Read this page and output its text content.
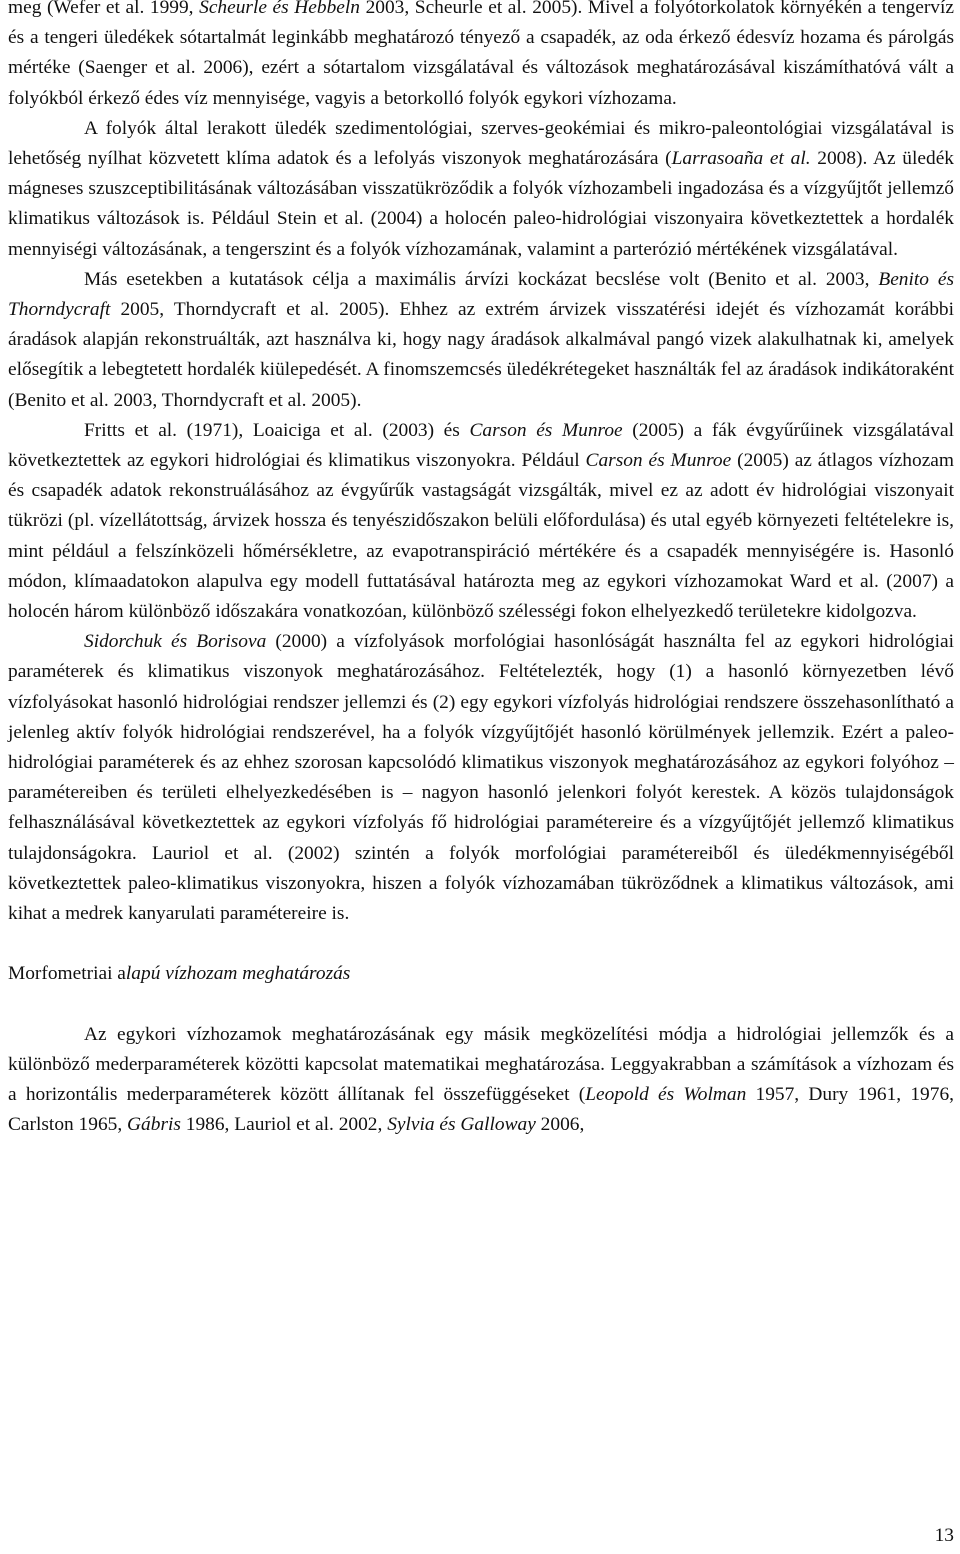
meg (Wefer et al. 1999, Scheurle és Hebbeln 2003, Scheurle et al. 2005). Mivel a folyótorkolatok környékén a tengervíz és a tengeri üledékek sótartalmát leginkább meghatározó tényező a csapadék, az oda érkező édesvíz hozama és párolgás mértéke (Saenger et al. 2006), ezért a sótartalom vizsgálatával és változások meghatározásával kiszámíthatóvá vált a folyókból érkező édes víz mennyisége, vagyis a betorkolló folyók egykori vízhozama.

A folyók által lerakott üledék szedimentológiai, szerves-geokémiai és mikro-paleontológiai vizsgálatával is lehetőség nyílhat közvetett klíma adatok és a lefolyás viszonyok meghatározására (Larrasoaña et al. 2008). Az üledék mágneses szuszceptibilitásának változásában visszatükröződik a folyók vízhozambeli ingadozása és a vízgyűjtőt jellemző klimatikus változások is. Például Stein et al. (2004) a holocén paleo-hidrológiai viszonyaira következtettek a hordalék mennyiségi változásának, a tengerszint és a folyók vízhozamának, valamint a parterózió mértékének vizsgálatával.

Más esetekben a kutatások célja a maximális árvízi kockázat becslése volt (Benito et al. 2003, Benito és Thorndycraft 2005, Thorndycraft et al. 2005). Ehhez az extrém árvizek visszatérési idejét és vízhozamát korábbi áradások alapján rekonstruálták, azt használva ki, hogy nagy áradások alkalmával pangó vizek alakulhatnak ki, amelyek elősegítik a lebegtetett hordalék kiülepedését. A finomszemcsés üledékrétegeket használták fel az áradások indikátoraként (Benito et al. 2003, Thorndycraft et al. 2005).

Fritts et al. (1971), Loaiciga et al. (2003) és Carson és Munroe (2005) a fák évgyűrűinek vizsgálatával következtettek az egykori hidrológiai és klimatikus viszonyokra. Például Carson és Munroe (2005) az átlagos vízhozam és csapadék adatok rekonstruálásához az évgyűrűk vastagságát vizsgálták, mivel ez az adott év hidrológiai viszonyait tükrözi (pl. vízellátottság, árvizek hossza és tenyészidőszakon belüli előfordulása) és utal egyéb környezeti feltételekre is, mint például a felszínközeli hőmérsékletre, az evapotranspiráció mértékére és a csapadék mennyiségére is. Hasonló módon, klímaadatokon alapulva egy modell futtatásával határozta meg az egykori vízhozamokat Ward et al. (2007) a holocén három különböző időszakára vonatkozóan, különböző szélességi fokon elhelyezkedő területekre kidolgozva.

Sidorchuk és Borisova (2000) a vízfolyások morfológiai hasonlóságát használta fel az egykori hidrológiai paraméterek és klimatikus viszonyok meghatározásához. Feltételezték, hogy (1) a hasonló környezetben lévő vízfolyásokat hasonló hidrológiai rendszer jellemzi és (2) egy egykori vízfolyás hidrológiai rendszere összehasonlítható a jelenleg aktív folyók hidrológiai rendszerével, ha a folyók vízgyűjtőjét hasonló körülmények jellemzik. Ezért a paleo-hidrológiai paraméterek és az ehhez szorosan kapcsolódó klimatikus viszonyok meghatározásához az egykori folyóhoz – paramétereiben és területi elhelyezkedésében is – nagyon hasonló jelenkori folyót kerestek. A közös tulajdonságok felhasználásával következtettek az egykori vízfolyás fő hidrológiai paramétereire és a vízgyűjtőjét jellemző klimatikus tulajdonságokra. Lauriol et al. (2002) szintén a folyók morfológiai paramétereiből és üledékmennyiségéből következtettek paleo-klimatikus viszonyokra, hiszen a folyók vízhozamában tükröződnek a klimatikus változások, ami kihat a medrek kanyarulati paramétereire is.

Morfometriai alapú vízhozam meghatározás

Az egykori vízhozamok meghatározásának egy másik megközelítési módja a hidrológiai jellemzők és a különböző mederparaméterek közötti kapcsolat matematikai meghatározása. Leggyakrabban a számítások a vízhozam és a horizontális mederparaméterek között állítanak fel összefüggéseket (Leopold és Wolman 1957, Dury 1961, 1976, Carlston 1965, Gábris 1986, Lauriol et al. 2002, Sylvia és Galloway 2006,

13
